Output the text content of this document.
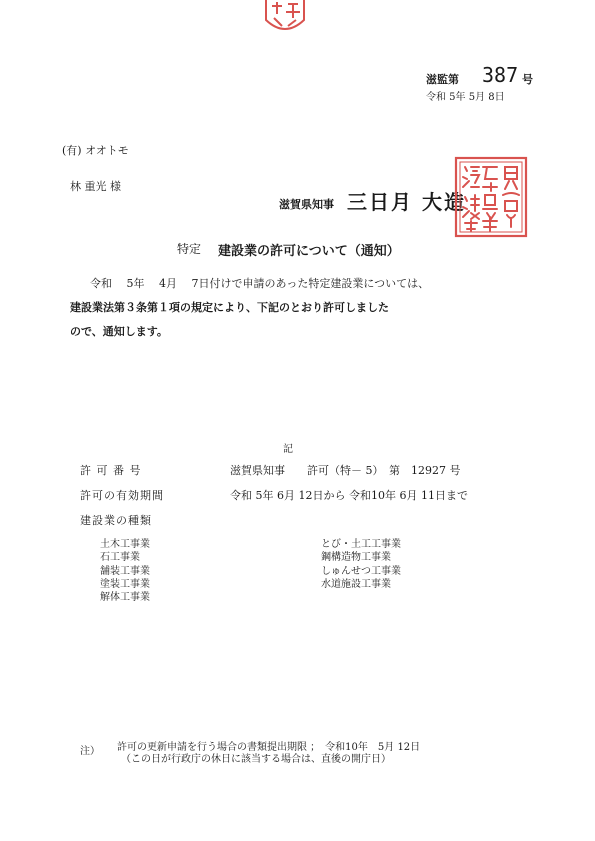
滋監第 387 号
令和 5年 5月 8日
(有) オオトモ
林 重光 様
滋賀県知事 三日月 大造
特定 建設業の許可について（通知）
令和　 5年　 4月　 7日付けで申請のあった特定建設業については、
建設業法第３条第１項の規定により、下記のとおり許可しました
ので、通知します。
記
許 可 番 号	滋賀県知事　　許可（特－ 5）　第　12927 号
許可の有効期間	令和 5年 6月 12日から 令和10年 6月 11日まで
建設業の種類
土木工事業
石工事業
舗装工事業
塗装工事業
解体工事業
とび・土工工事業
鋼構造物工事業
しゅんせつ工事業
水道施設工事業
注） 許可の更新申請を行う場合の書類提出期限 ；　令和10年　5月 12日
（この日が行政庁の休日に該当する場合は、直後の開庁日）
